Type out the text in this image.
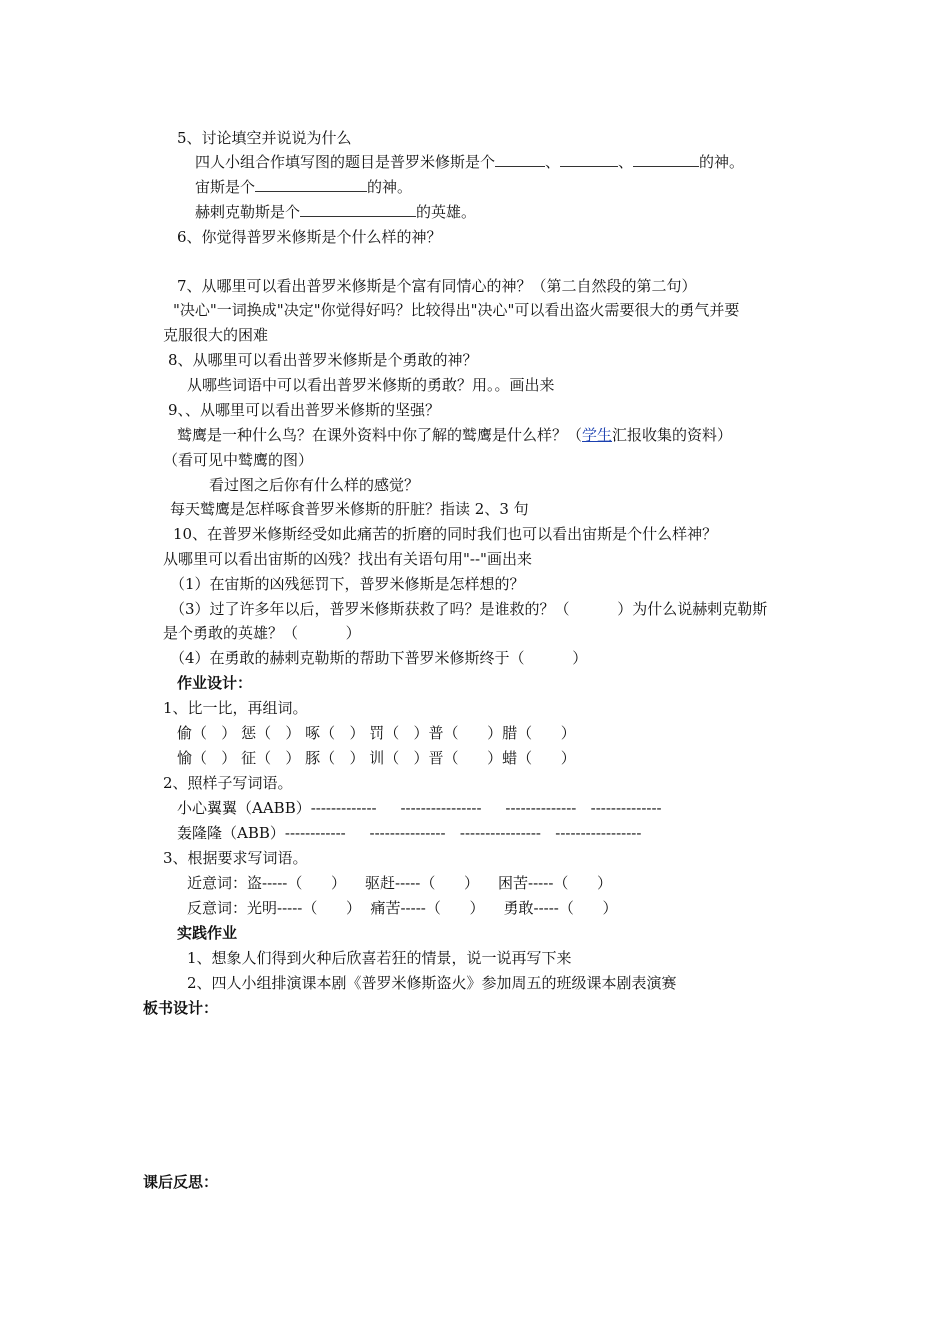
5、讨论填空并说说为什么
四人小组合作填写图的题目是普罗米修斯是个	、	、	的神。
宙斯是个	的神。
赫剌克勒斯是个	的英雄。
6、你觉得普罗米修斯是个什么样的神？
7、从哪里可以看出普罗米修斯是个富有同情心的神？（第二自然段的第二句）
"决心"一词换成"决定"你觉得好吗？比较得出"决心"可以看出盗火需要很大的勇气并要
克服很大的困难
8、从哪里可以看出普罗米修斯是个勇敢的神？
从哪些词语中可以看出普罗米修斯的勇敢？用。。画出来
9、、从哪里可以看出普罗米修斯的坚强？
鹫鹰是一种什么鸟？在课外资料中你了解的鹫鹰是什么样？（学生汇报收集的资料）
（看可见中鹫鹰的图）
看过图之后你有什么样的感觉？
每天鹫鹰是怎样啄食普罗米修斯的肝脏？指读 2、3 句
10、在普罗米修斯经受如此痛苦的折磨的同时我们也可以看出宙斯是个什么样神？
从哪里可以看出宙斯的凶残？找出有关语句用"--"画出来
（1）在宙斯的凶残惩罚下，普罗米修斯是怎样想的？
（3）过了许多年以后，普罗米修斯获救了吗？是谁救的？（          ）为什么说赫剌克勒斯
是个勇敢的英雄？（          ）
（4）在勇敢的赫剌克勒斯的帮助下普罗米修斯终于（          ）
作业设计：
1、比一比，再组词。
偷（   ） 惩（   ） 啄（   ） 罚（   ）普（      ）腊（      ）
愉（   ） 征（   ） 豚（   ） 训（   ）晋（      ）蜡（      ）
2、照样子写词语。
小心翼翼（AABB）-------------     ----------------     --------------   --------------
轰隆隆（ABB）------------     ---------------   ----------------   -----------------
3、根据要求写词语。
近意词：盗-----（      ）    驱赶-----（      ）    困苦-----（      ）
反意词：光明-----（      ）  痛苦-----（      ）    勇敢-----（      ）
实践作业
1、想象人们得到火种后欣喜若狂的情景，说一说再写下来
2、四人小组排演课本剧《普罗米修斯盗火》参加周五的班级课本剧表演赛
板书设计：
课后反思：
